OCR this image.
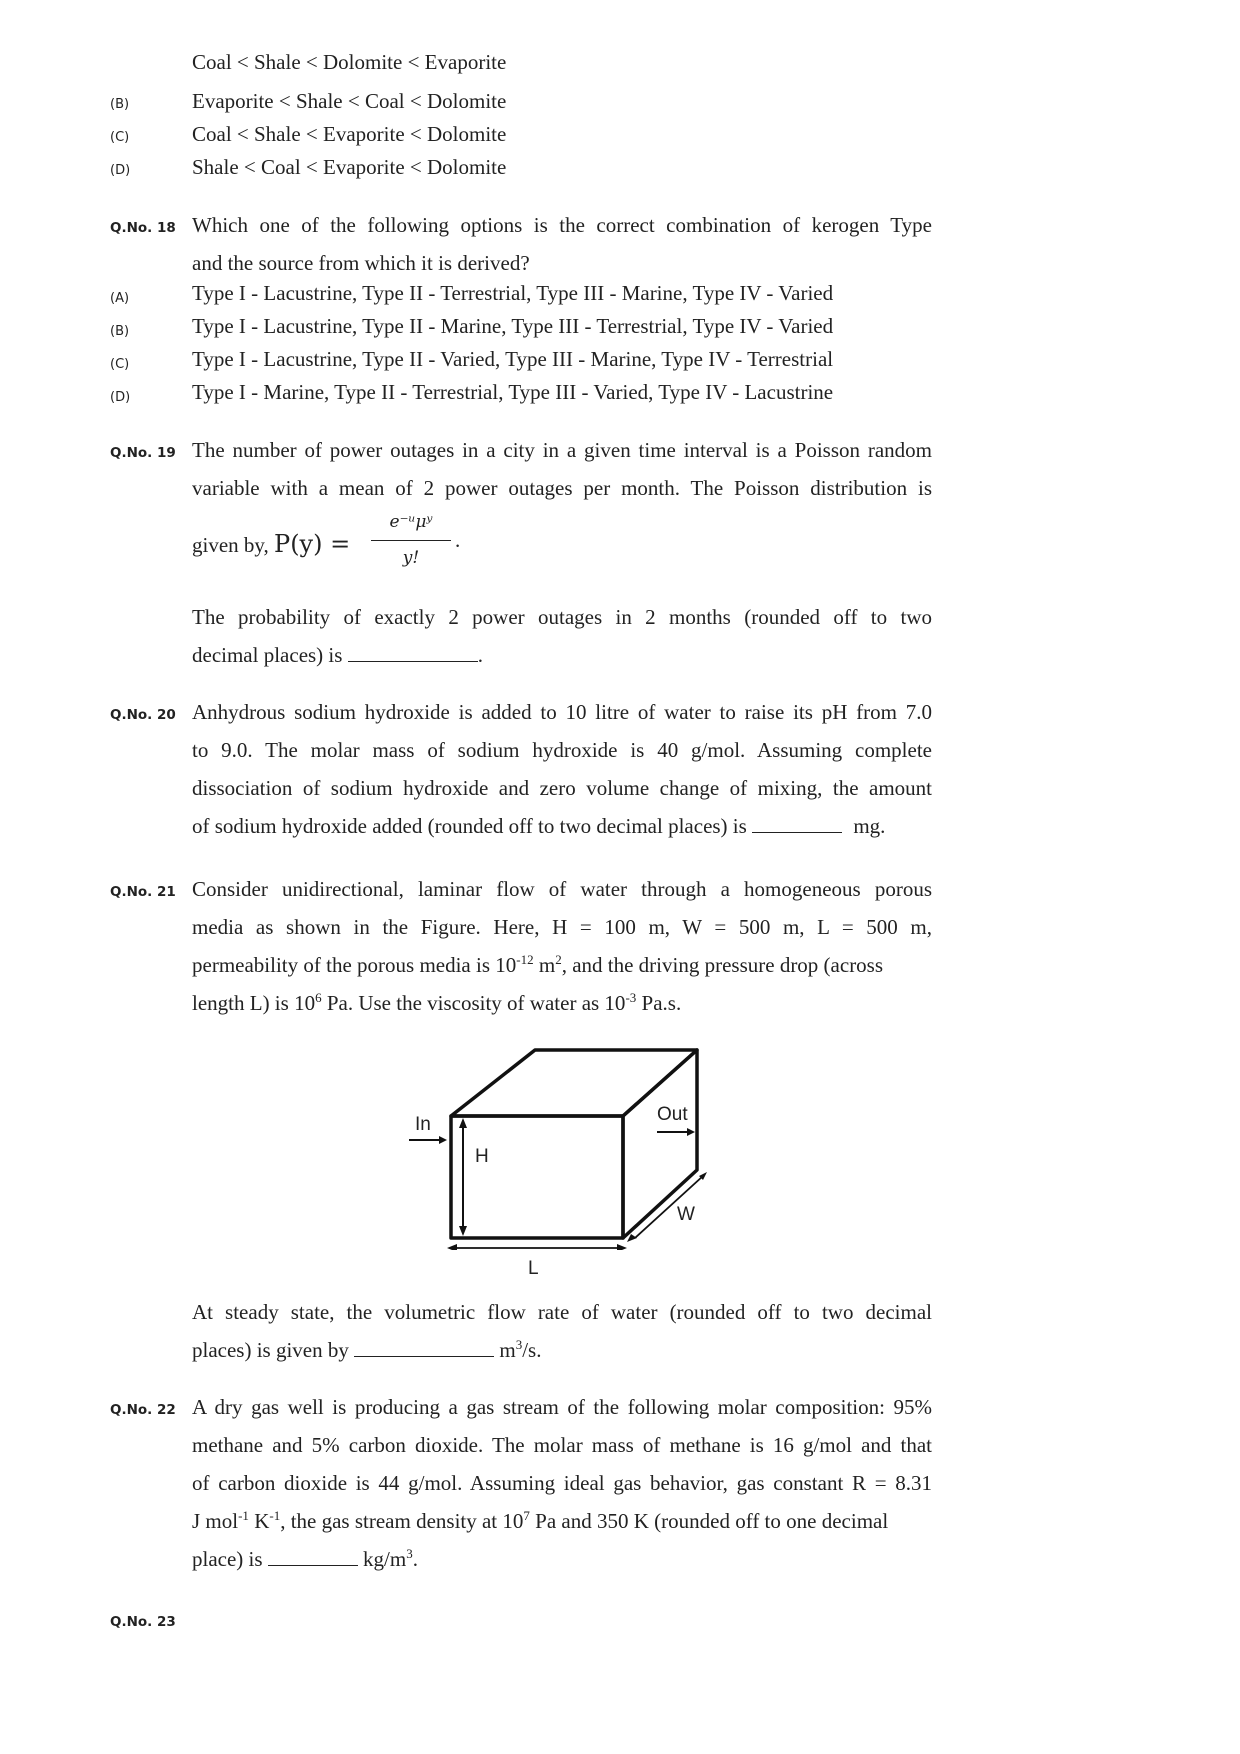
Coal < Shale < Dolomite < Evaporite
(B)	Evaporite < Shale < Coal < Dolomite
(C)	Coal < Shale < Evaporite < Dolomite
(D)	Shale < Coal < Evaporite < Dolomite
Q.No. 18 Which one of the following options is the correct combination of kerogen Type
and the source from which it is derived?
(A)	Type I - Lacustrine, Type II - Terrestrial, Type III - Marine, Type IV - Varied
(B)	Type I - Lacustrine, Type II - Marine, Type III - Terrestrial, Type IV - Varied
(C)	Type I - Lacustrine, Type II - Varied, Type III - Marine, Type IV - Terrestrial
(D)	Type I - Marine, Type II - Terrestrial, Type III - Varied, Type IV - Lacustrine
Q.No. 19 The number of power outages in a city in a given time interval is a Poisson random
variable with a mean of 2 power outages per month. The Poisson distribution is
given by, P(y) =
e⁻ᵘμʸ
y!
.
The probability of exactly 2 power outages in 2 months (rounded off to two
decimal places) is	.
Q.No. 20 Anhydrous sodium hydroxide is added to 10 litre of water to raise its pH from 7.0
to 9.0. The molar mass of sodium hydroxide is 40 g/mol. Assuming complete
dissociation of sodium hydroxide and zero volume change of mixing, the amount
of sodium hydroxide added (rounded off to two decimal places) is	mg.
Q.No. 21 Consider unidirectional, laminar flow of water through a homogeneous porous
media as shown in the Figure. Here, H = 100 m, W = 500 m, L = 500 m,
permeability of the porous media is $10^{-12}$ $m^2$, and the driving pressure drop (across
length L) is $10^6$ Pa. Use the viscosity of water as $10^{-3}$ Pa.s.
In
H
Out
W
L
At steady state, the volumetric flow rate of water (rounded off to two decimal
places) is given by	$m^3/s$.
Q.No. 22 A dry gas well is producing a gas stream of the following molar composition: 95%
methane and 5% carbon dioxide. The molar mass of methane is 16 g/mol and that
of carbon dioxide is 44 g/mol. Assuming ideal gas behavior, gas constant R = 8.31
J mol$^{-1}$ $K^{-1}$, the gas stream density at $10^7$ Pa and 350 K (rounded off to one decimal
place) is	$kg/m^3$.
Q.No. 23
